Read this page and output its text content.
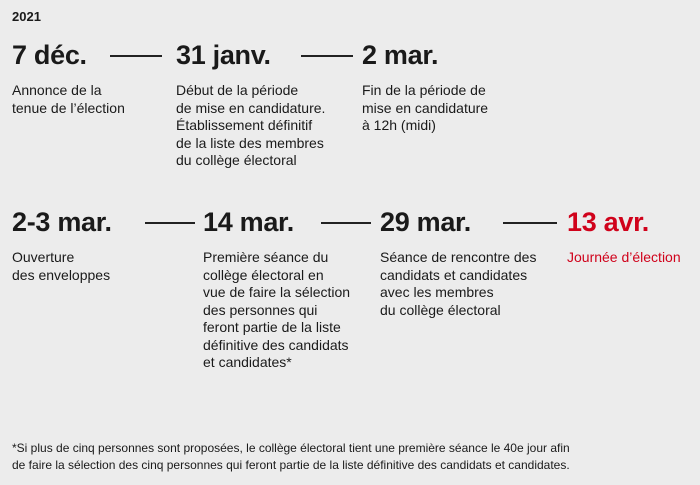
2021
7 déc.
Annonce de la
tenue de l’élection
31 janv.
Début de la période
de mise en candidature.
Établissement définitif
de la liste des membres
du collège électoral
2 mar.
Fin de la période de
mise en candidature
à 12h (midi)
2-3 mar.
Ouverture
des enveloppes
14 mar.
Première séance du
collège électoral en
vue de faire la sélection
des personnes qui
feront partie de la liste
définitive des candidats
et candidates*
29 mar.
Séance de rencontre des
candidats et candidates
avec les membres
du collège électoral
13 avr.
Journée d’élection
*Si plus de cinq personnes sont proposées, le collège électoral tient une première séance le 40e jour afin
de faire la sélection des cinq personnes qui feront partie de la liste définitive des candidats et candidates.
